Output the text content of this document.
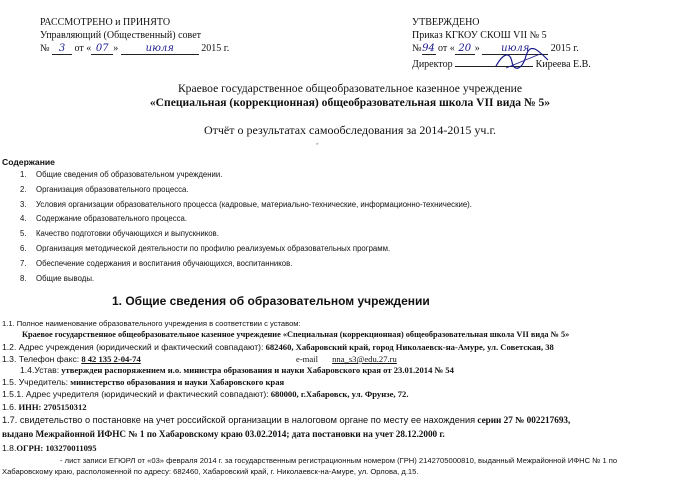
РАССМОТРЕНО и ПРИНЯТО
Управляющий (Общественный) совет
№ 3 от « 07 »	июля	2015 г.
УТВЕРЖДЕНО
Приказ КГКОУ СКОШ VII № 5
№94 от « 20 » июля 2015 г.
Директор	Киреева Е.В.
Краевое государственное общеобразовательное казенное учреждение
«Специальная (коррекционная) общеобразовательная школа VII вида № 5»
Отчёт о результатах самообследования за 2014-2015 уч.г.
⋆
Содержание
1. Общие сведения об образовательном учреждении.
2. Организация образовательного процесса.
3. Условия организации образовательного процесса (кадровые, материально-технические, информационно-технические).
4. Содержание образовательного процесса.
5. Качество подготовки обучающихся и выпускников.
6. Организация методической деятельности по профилю реализуемых образовательных программ.
7. Обеспечение содержания и воспитания обучающихся, воспитанников.
8. Общие выводы.
1. Общие сведения об образовательном учреждении
1.1. Полное наименование образовательного учреждения в соответствии с уставом:
Краевое государственное общеобразовательное казенное учреждение «Специальная (коррекционная) общеобразовательная школа VII вида № 5»
1.2. Адрес учреждения (юридический и фактический совпадают): 682460, Хабаровский край, город Николаевск-на-Амуре, ул. Советская, 38
1.3. Телефон факс: 8 42 135 2-04-74	e-mail nna_s3@edu.27.ru
1.4.Устав: утвержден распоряжением и.о. министра образования и науки Хабаровского края от 23.01.2014 № 54
1.5. Учредитель: министерство образования и науки Хабаровского края
1.5.1. Адрес учредителя (юридический и фактический совпадают): 680000, г.Хабаровск, ул. Фрунзе, 72.
1.6. ИНН: 2705150312
1.7. свидетельство о постановке на учет российской организации в налоговом органе по месту ее нахождения серии 27 № 002217693,
выдано Межрайонной ИФНС № 1 по Хабаровскому краю 03.02.2014; дата постановки на учет 28.12.2000 г.
1.8.ОГРН: 103270011095
- лист записи ЕГЮРЛ от «03» февраля 2014 г. за государственным регистрационным номером (ГРН) 2142705000810, выданный Межрайонной ИФНС № 1 по
Хабаровскому краю, расположенной по адресу: 682460, Хабаровский край, г. Николаевск-на-Амуре, ул. Орлова, д.15.
